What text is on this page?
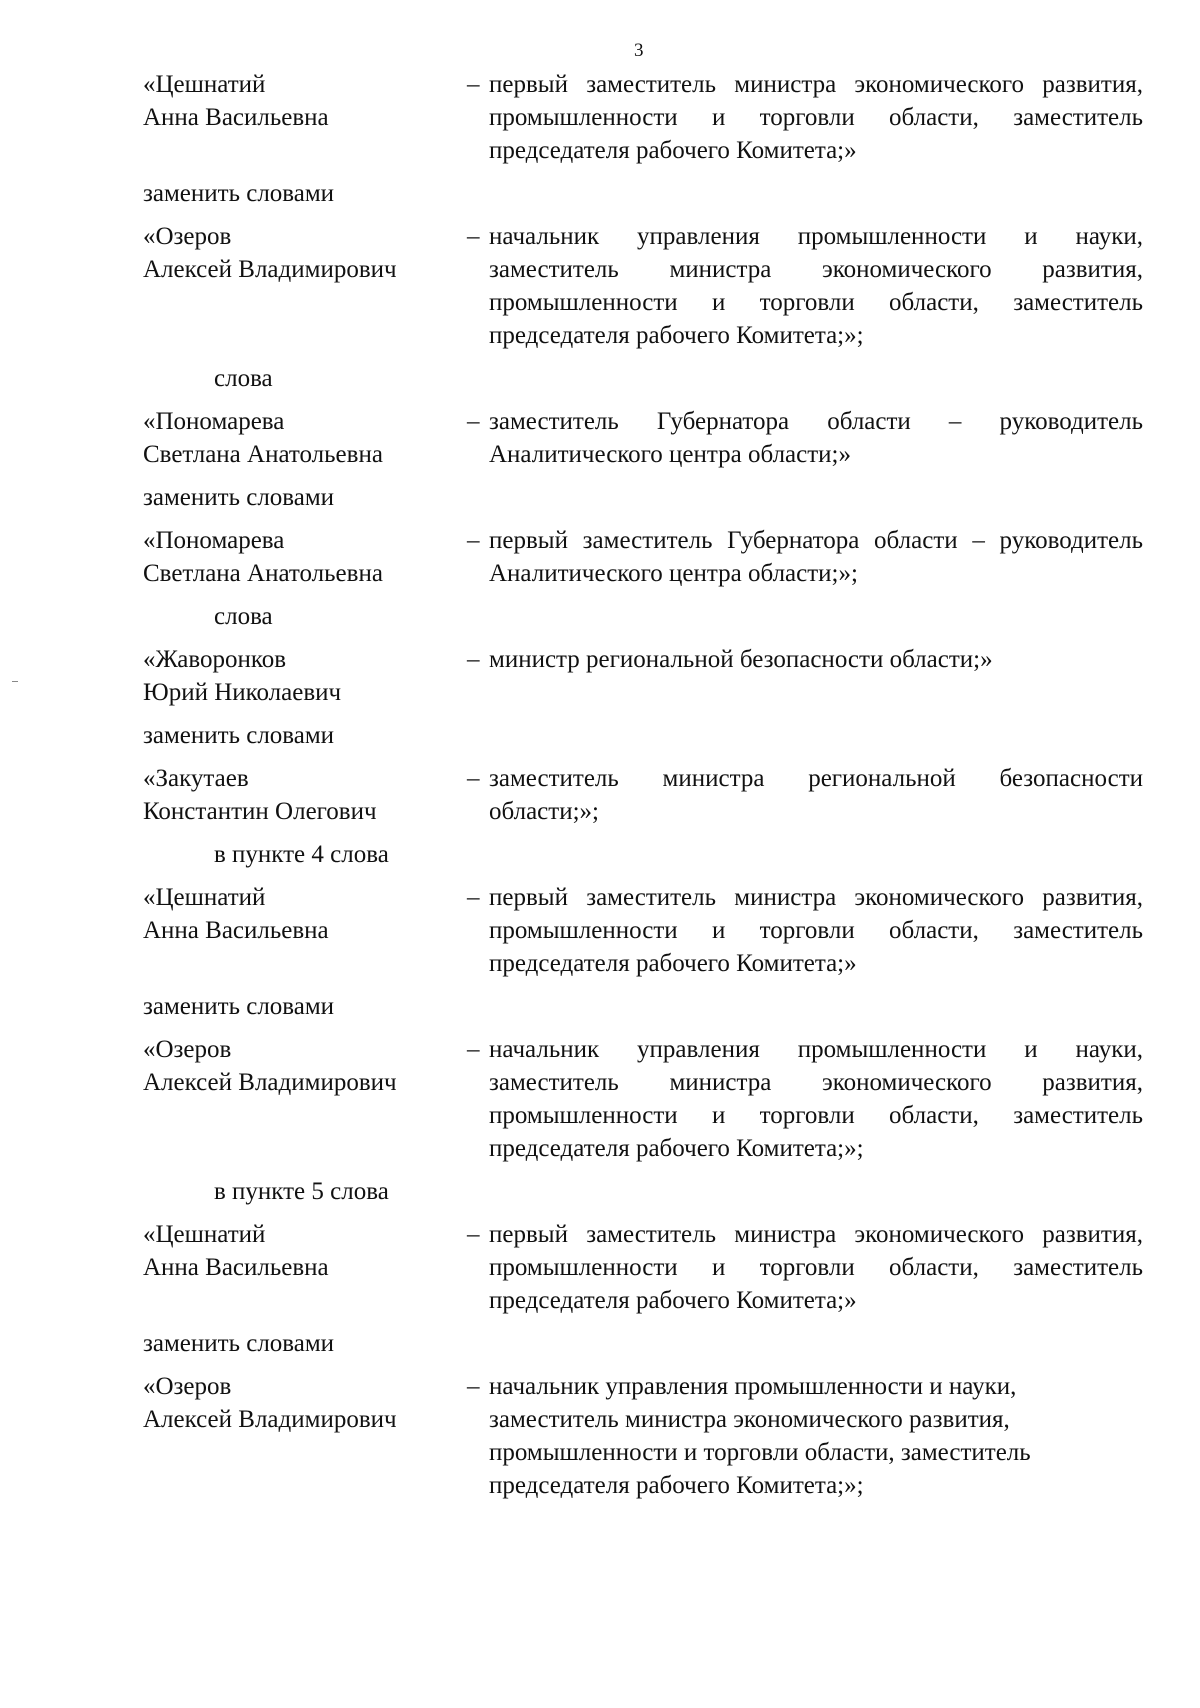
3
«Цешнатий
Анна Васильевна
– первый заместитель министра экономического развития, промышленности и торговли области, заместитель председателя рабочего Комитета;»
заменить словами
«Озеров
Алексей Владимирович
– начальник управления промышленности и науки, заместитель министра экономического развития, промышленности и торговли области, заместитель председателя рабочего Комитета;»;
слова
«Пономарева
Светлана Анатольевна
– заместитель Губернатора области – руководитель Аналитического центра области;»
заменить словами
«Пономарева
Светлана Анатольевна
– первый заместитель Губернатора области – руководитель Аналитического центра области;»;
слова
«Жаворонков
Юрий Николаевич
– министр региональной безопасности области;»
заменить словами
«Закутаев
Константин Олегович
– заместитель министра региональной безопасности области;»;
в пункте 4 слова
«Цешнатий
Анна Васильевна
– первый заместитель министра экономического развития, промышленности и торговли области, заместитель председателя рабочего Комитета;»
заменить словами
«Озеров
Алексей Владимирович
– начальник управления промышленности и науки, заместитель министра экономического развития, промышленности и торговли области, заместитель председателя рабочего Комитета;»;
в пункте 5 слова
«Цешнатий
Анна Васильевна
– первый заместитель министра экономического развития, промышленности и торговли области, заместитель председателя рабочего Комитета;»
заменить словами
«Озеров
Алексей Владимирович
– начальник управления промышленности и науки, заместитель министра экономического развития, промышленности и торговли области, заместитель председателя рабочего Комитета;»;
